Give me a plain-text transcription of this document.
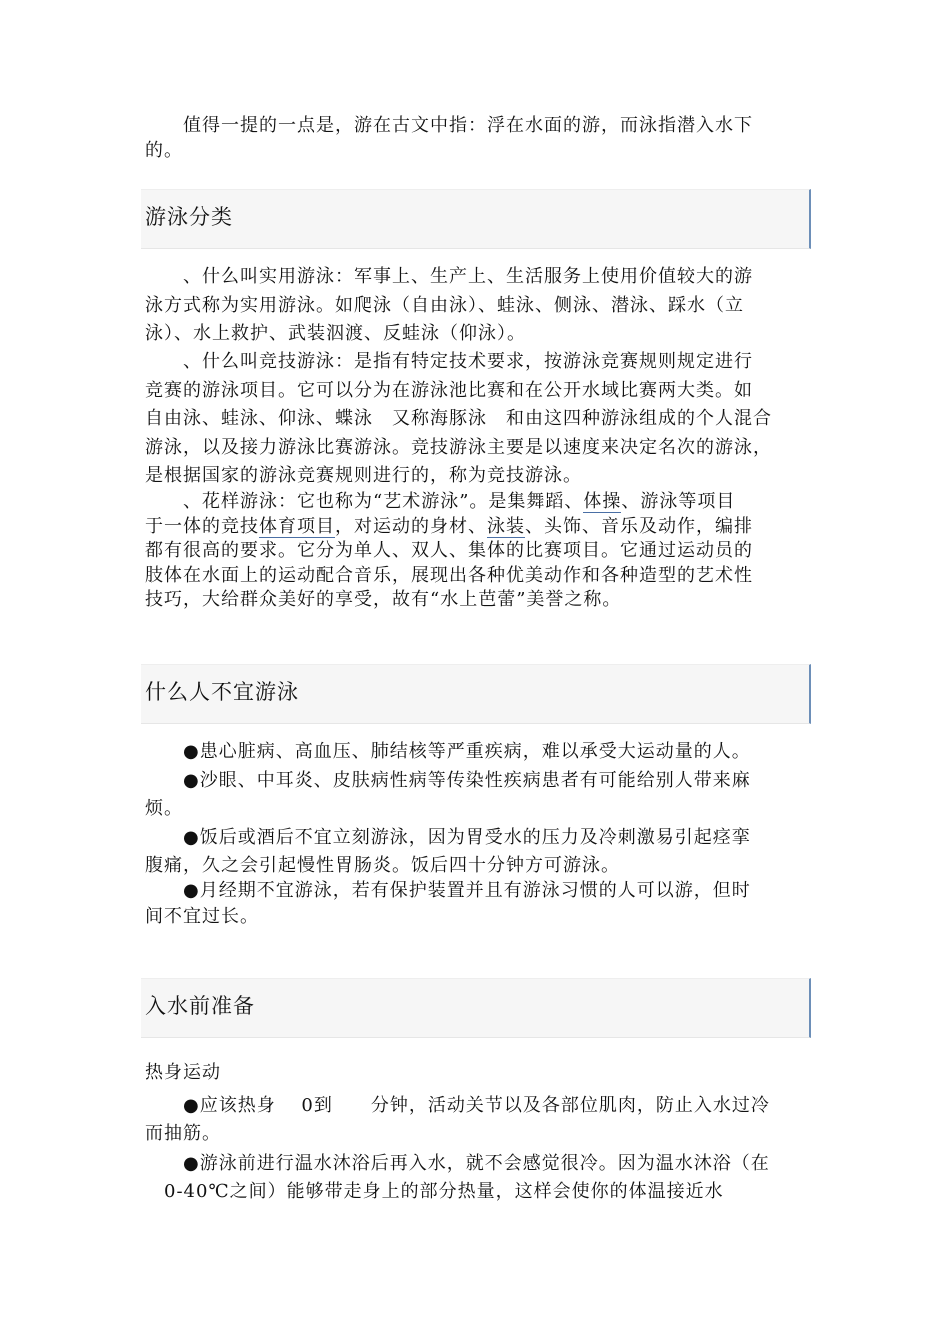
　　值得一提的一点是，游在古文中指：浮在水面的游，而泳指潜入水下
的。

游泳分类

　　、什么叫实用游泳：军事上、生产上、生活服务上使用价值较大的游
泳方式称为实用游泳。如爬泳（自由泳）、蛙泳、侧泳、潜泳、踩水（立
泳）、水上救护、武装泅渡、反蛙泳（仰泳）。

　　、什么叫竞技游泳：是指有特定技术要求，按游泳竞赛规则规定进行
竞赛的游泳项目。它可以分为在游泳池比赛和在公开水域比赛两大类。如
自由泳、蛙泳、仰泳、蝶泳　又称海豚泳　和由这四种游泳组成的个人混合
游泳，以及接力游泳比赛游泳。竞技游泳主要是以速度来决定名次的游泳，
是根据国家的游泳竞赛规则进行的，称为竞技游泳。

　　、花样游泳：它也称为“艺术游泳”。是集舞蹈、体操、游泳等项目
于一体的竞技体育项目，对运动的身材、泳装、头饰、音乐及动作，编排
都有很高的要求。它分为单人、双人、集体的比赛项目。它通过运动员的
肢体在水面上的运动配合音乐，展现出各种优美动作和各种造型的艺术性
技巧，大给群众美好的享受，故有“水上芭蕾”美誉之称。

什么人不宜游泳

　　●患心脏病、高血压、肺结核等严重疾病，难以承受大运动量的人。

　　●沙眼、中耳炎、皮肤病性病等传染性疾病患者有可能给别人带来麻
烦。

　　●饭后或酒后不宜立刻游泳，因为胃受水的压力及冷刺激易引起痉挛
腹痛，久之会引起慢性胃肠炎。饭后四十分钟方可游泳。

　　●月经期不宜游泳，若有保护装置并且有游泳习惯的人可以游，但时
间不宜过长。

入水前准备
热身运动

　　●应该热身　 0到　　分钟，活动关节以及各部位肌肉，防止入水过冷
而抽筋。

　　●游泳前进行温水沐浴后再入水，就不会感觉很冷。因为温水沐浴（在
　0-40℃之间）能够带走身上的部分热量，这样会使你的体温接近水
